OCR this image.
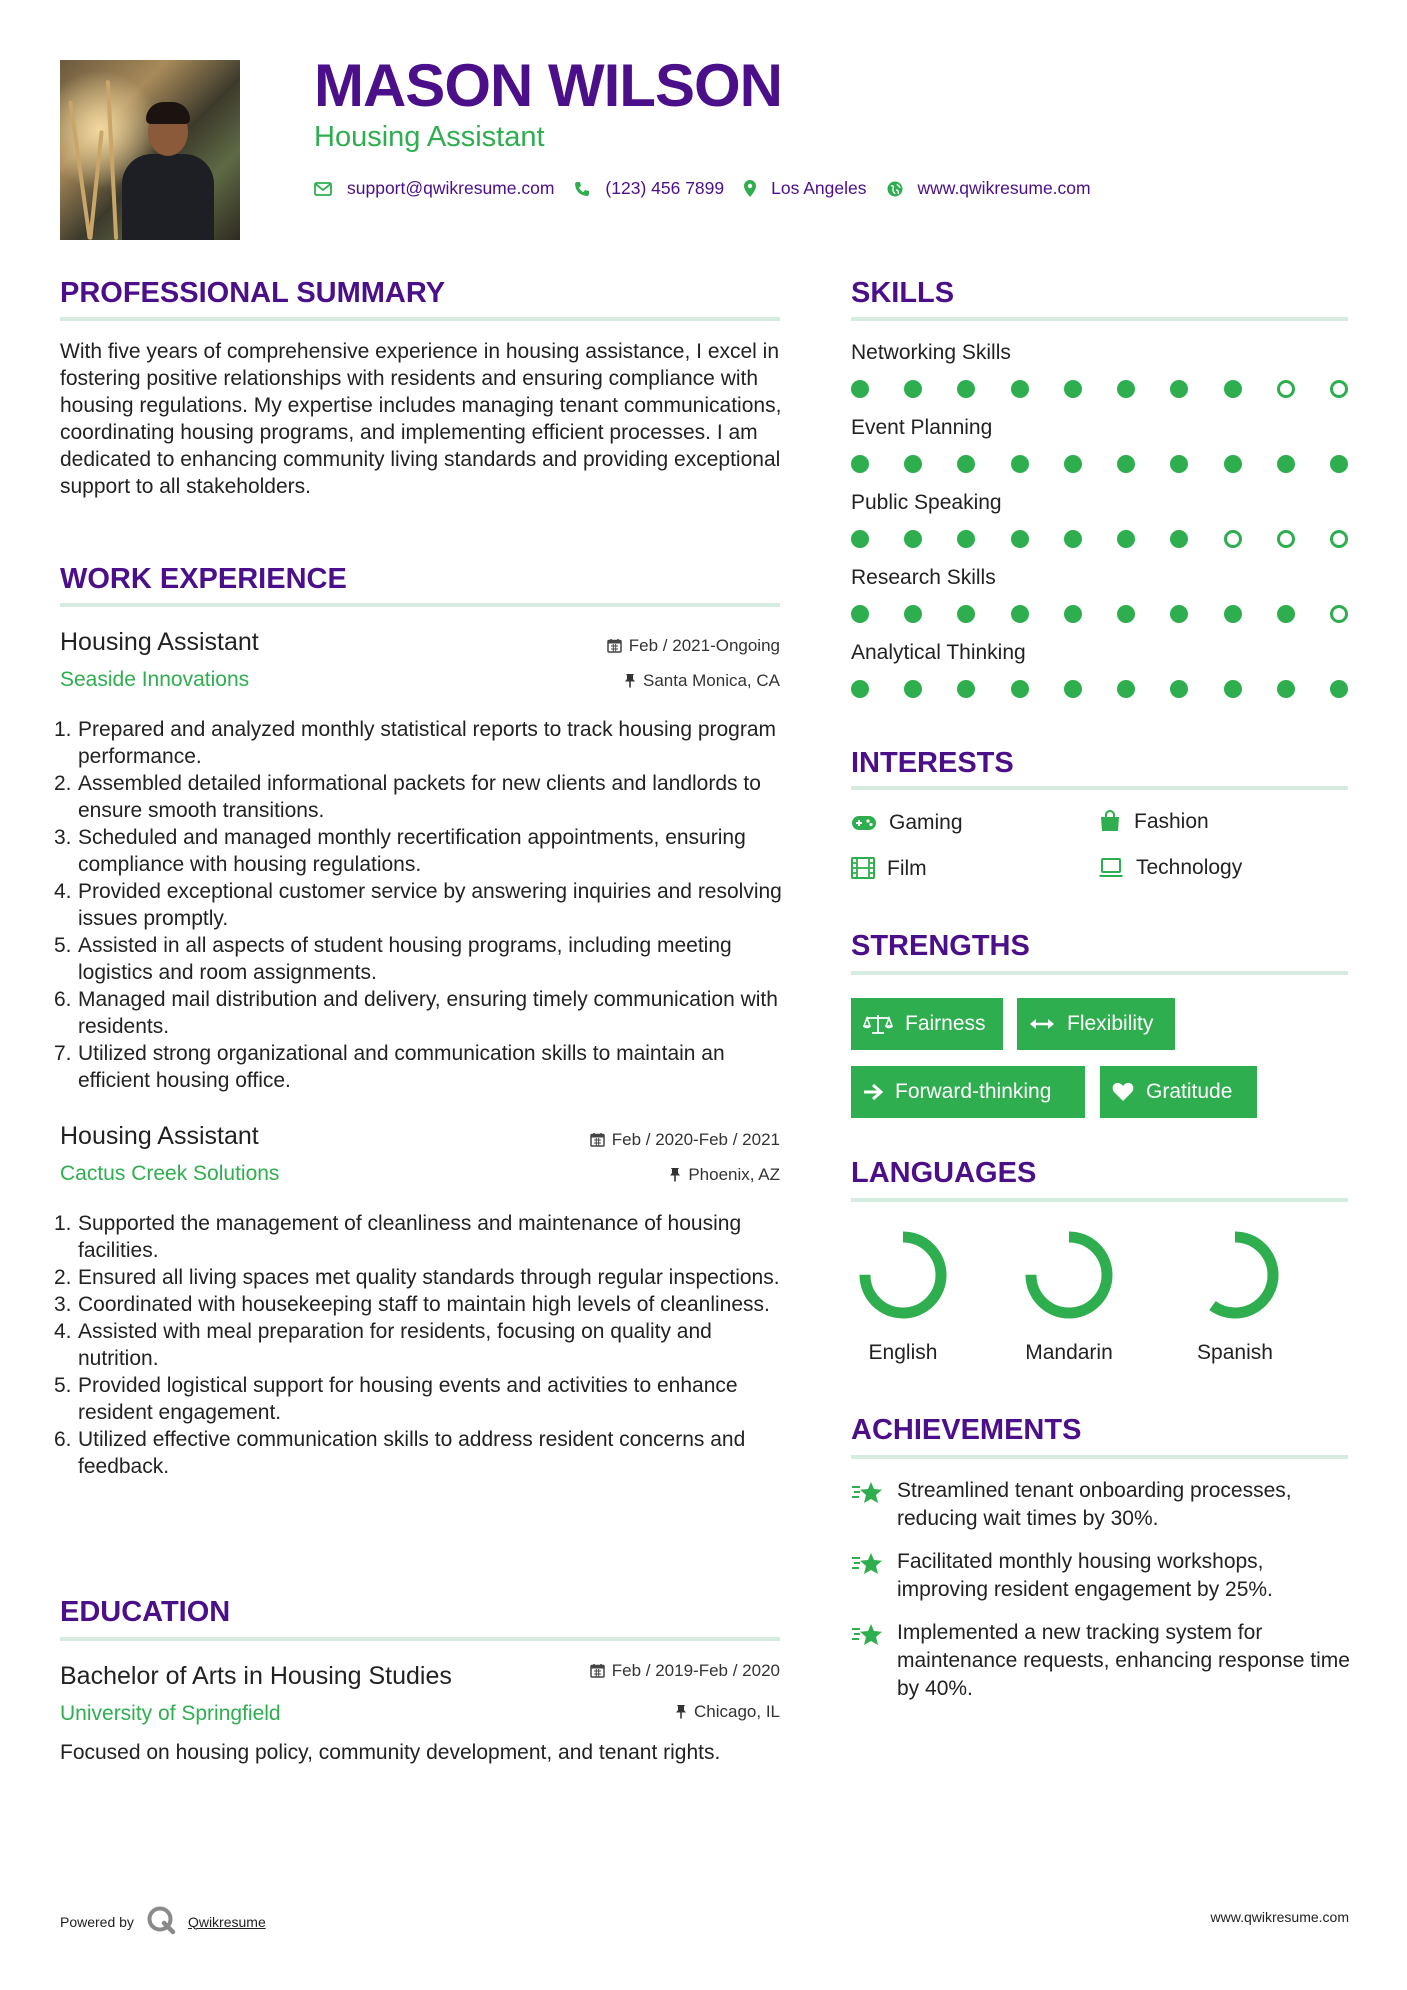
MASON WILSON
Housing Assistant
support@qwikresume.com	(123) 456 7899	Los Angeles	www.qwikresume.com
PROFESSIONAL SUMMARY
With five years of comprehensive experience in housing assistance, I excel in fostering positive relationships with residents and ensuring compliance with housing regulations. My expertise includes managing tenant communications, coordinating housing programs, and implementing efficient processes. I am dedicated to enhancing community living standards and providing exceptional support to all stakeholders.
WORK EXPERIENCE
Housing Assistant	Feb / 2021-Ongoing
Seaside Innovations	Santa Monica, CA
1. Prepared and analyzed monthly statistical reports to track housing program performance.
2. Assembled detailed informational packets for new clients and landlords to ensure smooth transitions.
3. Scheduled and managed monthly recertification appointments, ensuring compliance with housing regulations.
4. Provided exceptional customer service by answering inquiries and resolving issues promptly.
5. Assisted in all aspects of student housing programs, including meeting logistics and room assignments.
6. Managed mail distribution and delivery, ensuring timely communication with residents.
7. Utilized strong organizational and communication skills to maintain an efficient housing office.
Housing Assistant	Feb / 2020-Feb / 2021
Cactus Creek Solutions	Phoenix, AZ
1. Supported the management of cleanliness and maintenance of housing facilities.
2. Ensured all living spaces met quality standards through regular inspections.
3. Coordinated with housekeeping staff to maintain high levels of cleanliness.
4. Assisted with meal preparation for residents, focusing on quality and nutrition.
5. Provided logistical support for housing events and activities to enhance resident engagement.
6. Utilized effective communication skills to address resident concerns and feedback.
EDUCATION
Bachelor of Arts in Housing Studies	Feb / 2019-Feb / 2020
University of Springfield	Chicago, IL
Focused on housing policy, community development, and tenant rights.
SKILLS
Networking Skills
Event Planning
Public Speaking
Research Skills
Analytical Thinking
INTERESTS
Gaming	Fashion
Film	Technology
STRENGTHS
Fairness	Flexibility
Forward-thinking	Gratitude
LANGUAGES
English	Mandarin	Spanish
ACHIEVEMENTS
Streamlined tenant onboarding processes, reducing wait times by 30%.
Facilitated monthly housing workshops, improving resident engagement by 25%.
Implemented a new tracking system for maintenance requests, enhancing response time by 40%.
Powered by	Qwikresume	www.qwikresume.com
